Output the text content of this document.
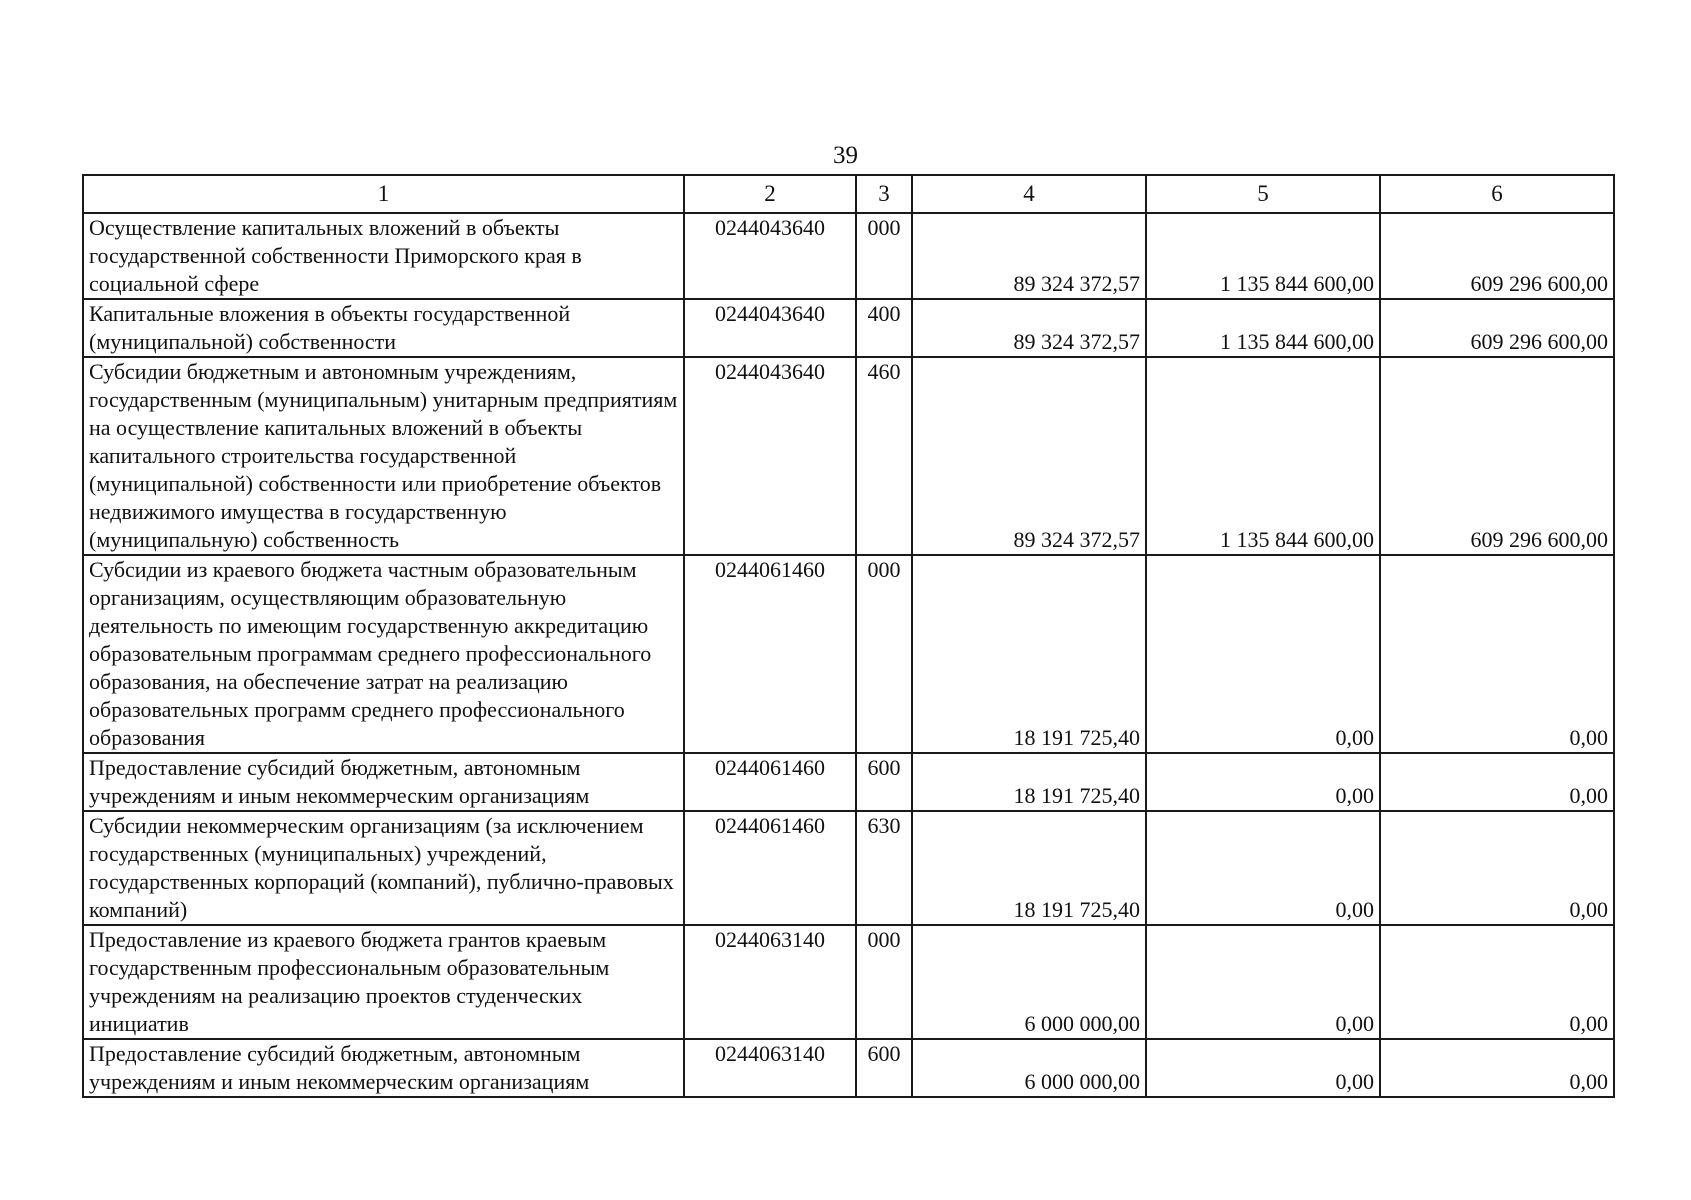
39
1	2	3	4	5	6
Осуществление капитальных вложений в объекты государственной собственности Приморского края в социальной сфере	0244043640	000	89 324 372,57	1 135 844 600,00	609 296 600,00
Капитальные вложения в объекты государственной (муниципальной) собственности	0244043640	400	89 324 372,57	1 135 844 600,00	609 296 600,00
Субсидии бюджетным и автономным учреждениям, государственным (муниципальным) унитарным предприятиям на осуществление капитальных вложений в объекты капитального строительства государственной (муниципальной) собственности или приобретение объектов недвижимого имущества в государственную (муниципальную) собственность	0244043640	460	89 324 372,57	1 135 844 600,00	609 296 600,00
Субсидии из краевого бюджета частным образовательным организациям, осуществляющим образовательную деятельность по имеющим государственную аккредитацию образовательным программам среднего профессионального образования, на обеспечение затрат на реализацию образовательных программ среднего профессионального образования	0244061460	000	18 191 725,40	0,00	0,00
Предоставление субсидий бюджетным, автономным учреждениям и иным некоммерческим организациям	0244061460	600	18 191 725,40	0,00	0,00
Субсидии некоммерческим организациям (за исключением государственных (муниципальных) учреждений, государственных корпораций (компаний), публично-правовых компаний)	0244061460	630	18 191 725,40	0,00	0,00
Предоставление из краевого бюджета грантов краевым государственным профессиональным образовательным учреждениям на реализацию проектов студенческих инициатив	0244063140	000	6 000 000,00	0,00	0,00
Предоставление субсидий бюджетным, автономным учреждениям и иным некоммерческим организациям	0244063140	600	6 000 000,00	0,00	0,00
